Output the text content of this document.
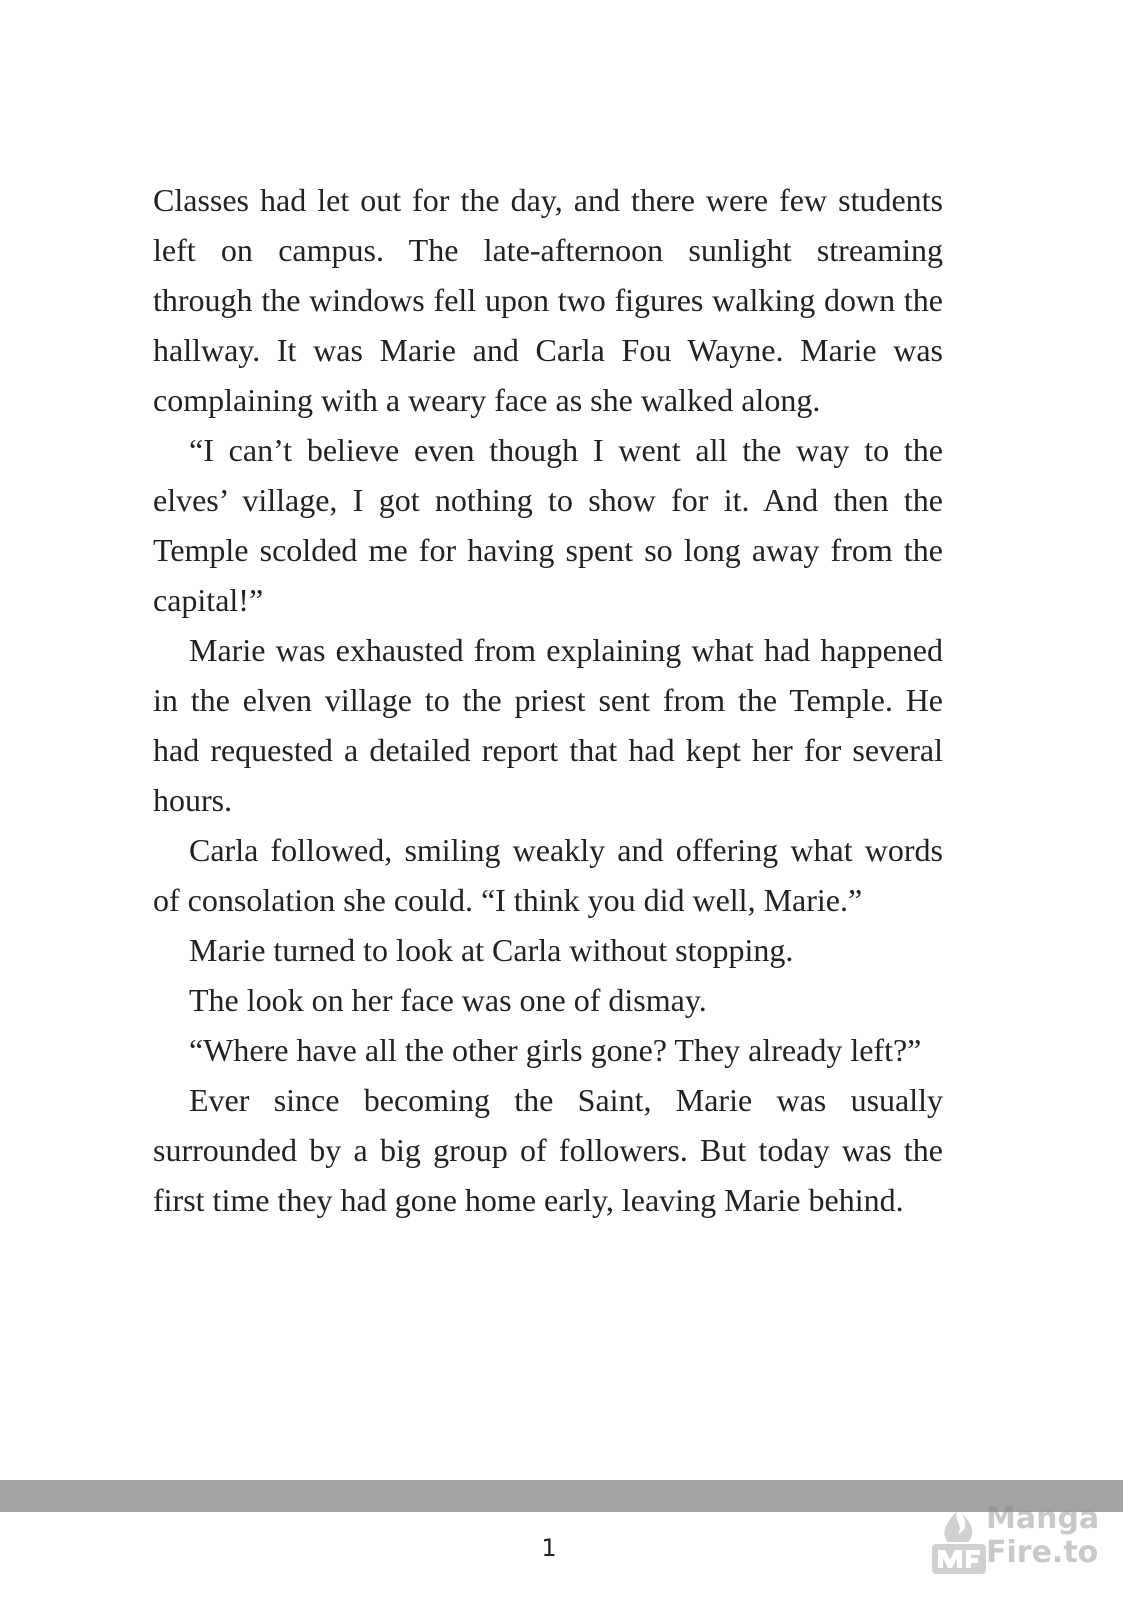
Classes had let out for the day, and there were few students left on campus. The late-afternoon sunlight streaming through the windows fell upon two figures walking down the hallway. It was Marie and Carla Fou Wayne. Marie was complaining with a weary face as she walked along.

“I can’t believe even though I went all the way to the elves’ village, I got nothing to show for it. And then the Temple scolded me for having spent so long away from the capital!”

Marie was exhausted from explaining what had happened in the elven village to the priest sent from the Temple. He had requested a detailed report that had kept her for several hours.

Carla followed, smiling weakly and offering what words of consolation she could. “I think you did well, Marie.”

Marie turned to look at Carla without stopping.

The look on her face was one of dismay.

“Where have all the other girls gone? They already left?”

Ever since becoming the Saint, Marie was usually surrounded by a big group of followers. But today was the first time they had gone home early, leaving Marie behind.

1
Manga
Fire.to
